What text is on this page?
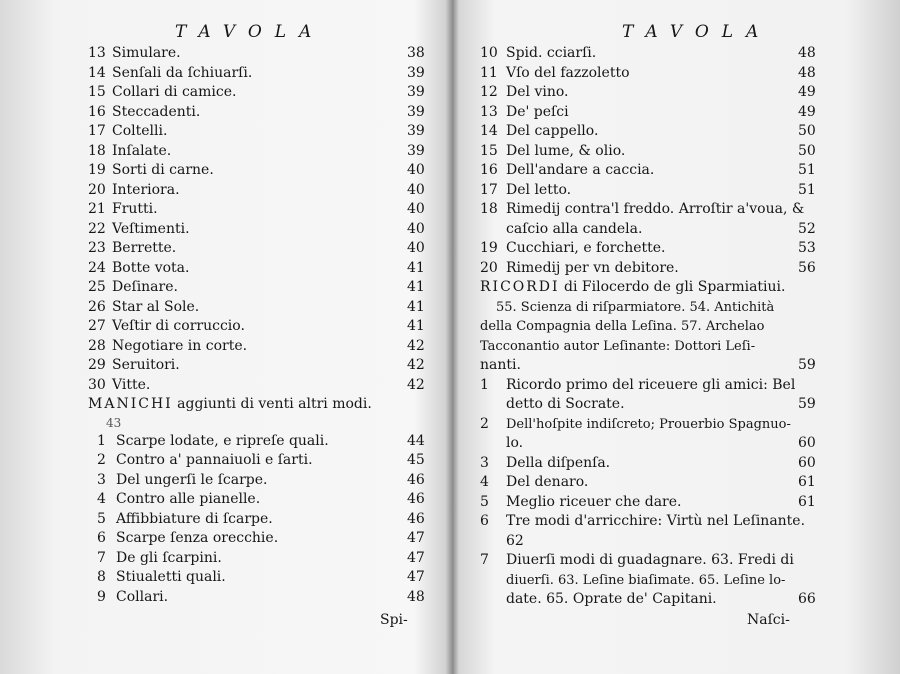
TAVOLA
13 Simulare.	38
14 Senſali da ſchiuarſi.	39
15 Collari di camice.	39
16 Steccadenti.	39
17 Coltelli.	39
18 Inſalate.	39
19 Sorti di carne.	40
20 Interiora.	40
21 Frutti.	40
22 Veſtimenti.	40
23 Berrette.	40
24 Botte vota.	41
25 Deſinare.	41
26 Star al Sole.	41
27 Veſtir di corruccio.	41
28 Negotiare in corte.	42
29 Seruitori.	42
30 Vitte.	42
MANICHI aggiunti di venti altri modi.
43
1 Scarpe lodate, e ripreſe quali.	44
2 Contro a' pannaiuoli e ſarti.	45
3 Del ungerſi le ſcarpe.	46
4 Contro alle pianelle.	46
5 Affibbiature di ſcarpe.	46
6 Scarpe ſenza orecchie.	47
7 De gli ſcarpini.	47
8 Stiualetti quali.	47
9 Collari.	48
Spi-
TAVOLA
10 Spid. cciarſi.	48
11 Vſo del fazzoletto	48
12 Del vino.	49
13 De' peſci	49
14 Del cappello.	50
15 Del lume, & olio.	50
16 Dell'andare a caccia.	51
17 Del letto.	51
18 Rimedij contra'l freddo. Arroſtir a'voua, &
caſcio alla candela.	52
19 Cucchiari, e forchette.	53
20 Rimedij per vn debitore.	56
RICORDI di Filocerdo de gli Sparmiatiui.
55. Scienza di riſparmiatore. 54. Antichità
della Compagnia della Leſina. 57. Archelao
Tacconantio autor Leſinante: Dottori Leſi-
nanti.	59
1 Ricordo primo del riceuere gli amici: Bel
detto di Socrate.	59
2 Dell'hoſpite indiſcreto; Prouerbio Spagnuo-
lo.	60
3 Della diſpenſa.	60
4 Del denaro.	61
5 Meglio riceuer che dare.	61
6 Tre modi d'arricchire: Virtù nel Leſinante.
62
7 Diuerſi modi di guadagnare. 63. Fredi di
diuerſi. 63. Leſine biaſimate. 65. Leſine lo-
date. 65. Oprate de' Capitani.	66
Naſci-
